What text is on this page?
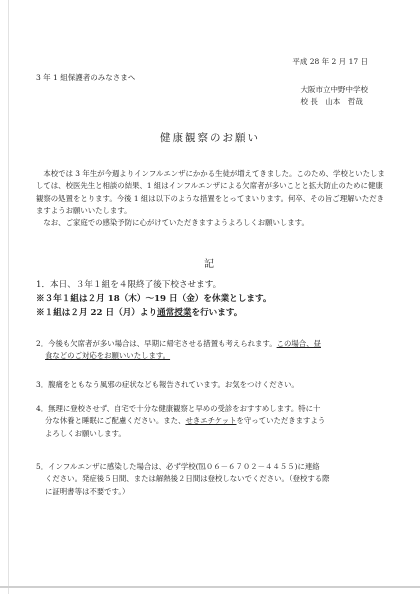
平成 28 年 2 月 17 日
3 年 1 組保護者のみなさまへ
大阪市立中野中学校
校 長　山本　哲哉
健康観察のお願い

本校では 3 年生が今週よりインフルエンザにかかる生徒が増えてきました。このため、学校といたしましては、校医先生と相談の結果、1 組はインフルエンザによる欠席者が多いことと拡大防止のために健康観察の処置をとります。今後 1 組は以下のような措置をとってまいります。何卒、その旨ご理解いただきますようお願いいたします。

なお、ご家庭での感染予防に心がけていただきますようよろしくお願いします。

記
1．本日、３年１組を４限終了後下校させます。
※３年１組は２月 18（木）～19 日（金）を休業とします。
※１組は２月 22 日（月）より通常授業を行います。
2．今後も欠席者が多い場合は、早期に帰宅させる措置も考えられます。この場合、昼
食などのご対応をお願いいたします。
3．腹痛をともなう風邪の症状なども報告されています。お気をつけください。
4．無理に登校させず、自宅で十分な健康観察と早めの受診をおすすめします。特に十
分な休養と睡眠にご配慮ください。また、せきエチケットを守っていただきますよう
よろしくお願いします。
5．インフルエンザに感染した場合は、必ず学校(℡０６－６７０２－４４５５)に連絡
ください。発症後５日間、または解熱後２日間は登校しないでください。（登校する際
に証明書等は不要です。）
